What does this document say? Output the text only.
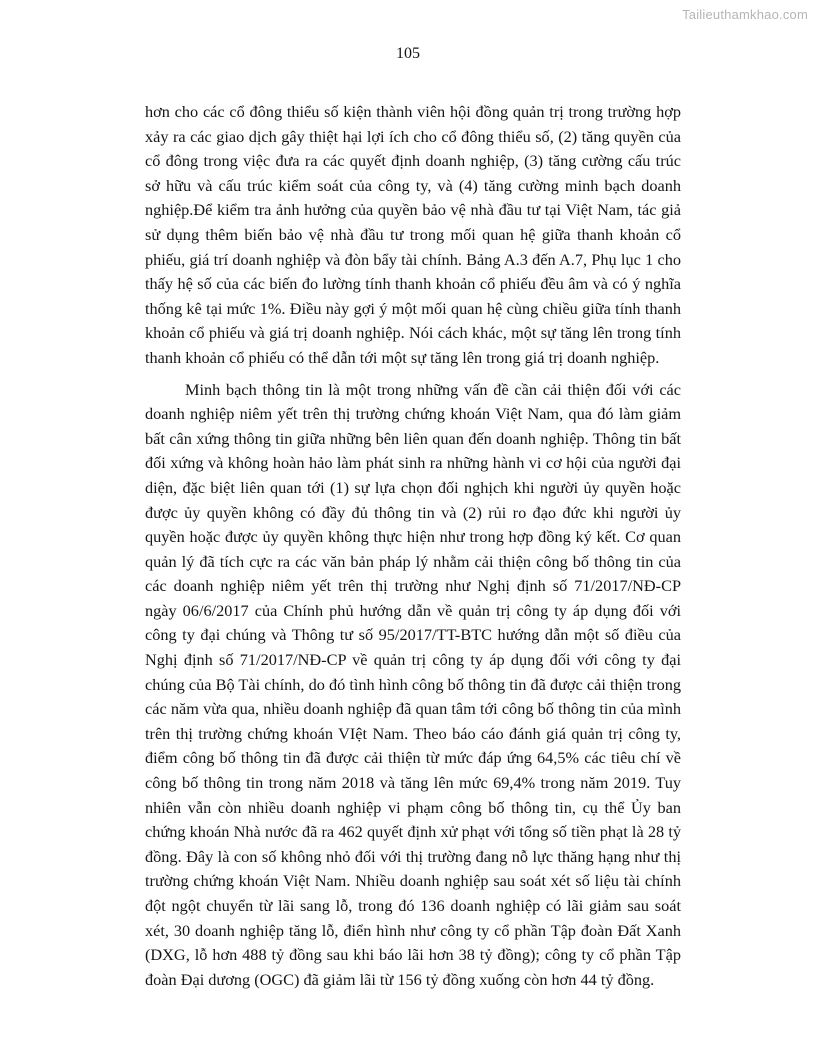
Tailieuthamkhao.com
105

hơn cho các cổ đông thiểu số kiện thành viên hội đồng quản trị trong trường hợp xảy ra các giao dịch gây thiệt hại lợi ích cho cổ đông thiểu số, (2) tăng quyền của cổ đông trong việc đưa ra các quyết định doanh nghiệp, (3) tăng cường cấu trúc sở hữu và cấu trúc kiểm soát của công ty, và (4) tăng cường minh bạch doanh nghiệp.Để kiểm tra ảnh hưởng của quyền bảo vệ nhà đầu tư tại Việt Nam, tác giả sử dụng thêm biến bảo vệ nhà đầu tư trong mối quan hệ giữa thanh khoản cổ phiếu, giá trí doanh nghiệp và đòn bẩy tài chính. Bảng A.3 đến A.7, Phụ lục 1 cho thấy hệ số của các biến đo lường tính thanh khoản cổ phiếu đều âm và có ý nghĩa thống kê tại mức 1%. Điều này gợi ý một mối quan hệ cùng chiều giữa tính thanh khoản cổ phiếu và giá trị doanh nghiệp. Nói cách khác, một sự tăng lên trong tính thanh khoản cổ phiếu có thể dẫn tới một sự tăng lên trong giá trị doanh nghiệp.

Minh bạch thông tin là một trong những vấn đề cần cải thiện đối với các doanh nghiệp niêm yết trên thị trường chứng khoán Việt Nam, qua đó làm giảm bất cân xứng thông tin giữa những bên liên quan đến doanh nghiệp. Thông tin bất đối xứng và không hoàn hảo làm phát sinh ra những hành vi cơ hội của người đại diện, đặc biệt liên quan tới (1) sự lựa chọn đối nghịch khi người ủy quyền hoặc được ủy quyền không có đầy đủ thông tin và (2) rủi ro đạo đức khi người ủy quyền hoặc được ủy quyền không thực hiện như trong hợp đồng ký kết. Cơ quan quản lý đã tích cực ra các văn bản pháp lý nhằm cải thiện công bố thông tin của các doanh nghiệp niêm yết trên thị trường như Nghị định số 71/2017/NĐ-CP ngày 06/6/2017 của Chính phủ hướng dẫn về quản trị công ty áp dụng đối với công ty đại chúng và Thông tư số 95/2017/TT-BTC hướng dẫn một số điều của Nghị định số 71/2017/NĐ-CP về quản trị công ty áp dụng đối với công ty đại chúng của Bộ Tài chính, do đó tình hình công bố thông tin đã được cải thiện trong các năm vừa qua, nhiều doanh nghiệp đã quan tâm tới công bố thông tin của mình trên thị trường chứng khoán VIệt Nam. Theo báo cáo đánh giá quản trị công ty, điểm công bố thông tin đã được cải thiện từ mức đáp ứng 64,5% các tiêu chí về công bố thông tin trong năm 2018 và tăng lên mức 69,4% trong năm 2019. Tuy nhiên vẫn còn nhiều doanh nghiệp vi phạm công bố thông tin, cụ thể Ủy ban chứng khoán Nhà nước đã ra 462 quyết định xử phạt với tổng số tiền phạt là 28 tỷ đồng. Đây là con số không nhỏ đối với thị trường đang nỗ lực thăng hạng như thị trường chứng khoán Việt Nam. Nhiều doanh nghiệp sau soát xét số liệu tài chính đột ngột chuyển từ lãi sang lỗ, trong đó 136 doanh nghiệp có lãi giảm sau soát xét, 30 doanh nghiệp tăng lỗ, điển hình như công ty cổ phần Tập đoàn Đất Xanh (DXG, lỗ hơn 488 tỷ đồng sau khi báo lãi hơn 38 tỷ đồng); công ty cổ phần Tập đoàn Đại dương (OGC) đã giảm lãi từ 156 tỷ đồng xuống còn hơn 44 tỷ đồng.
